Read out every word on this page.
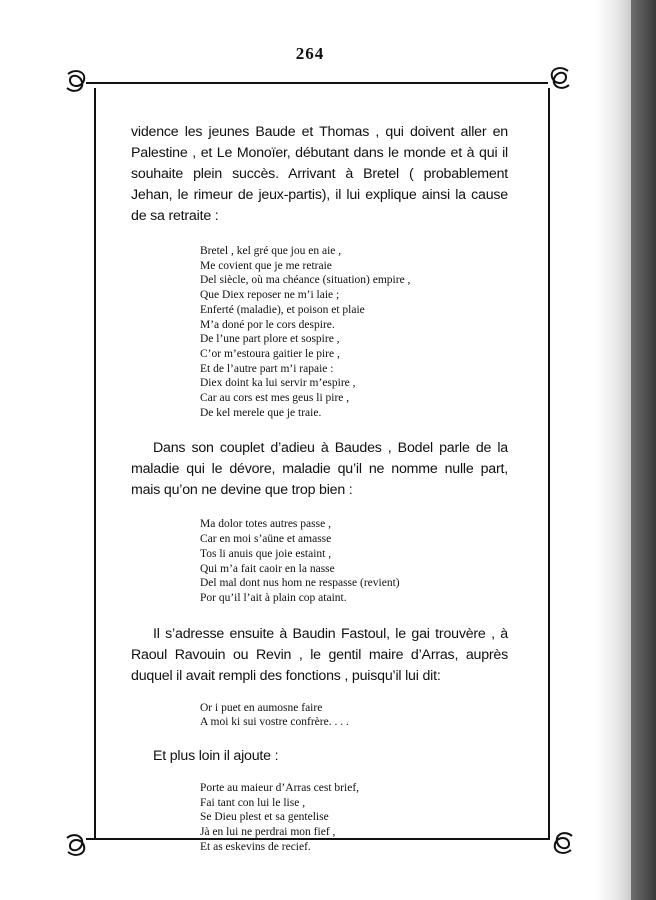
264

vidence les jeunes Baude et Thomas , qui doivent aller en Palestine , et Le Monoïer, débutant dans le monde et à qui il souhaite plein succès. Arrivant à Bretel ( probablement Jehan, le rimeur de jeux-partis), il lui explique ainsi la cause de sa retraite :

Bretel , kel gré que jou en aie ,
Me covient que je me retraie
Del siècle, où ma chéance (situation) empire ,
Que Diex reposer ne m’i laie ;
Enferté (maladie), et poison et plaie
M’a doné por le cors despire.
De l’une part plore et sospire ,
C’or m’estoura gaitier le pire ,
Et de l’autre part m’i rapaie :
Diex doint ka lui servir m’espire ,
Car au cors est mes geus li pire ,
De kel merele que je traie.

Dans son couplet d’adieu à Baudes , Bodel parle de la maladie qui le dévore, maladie qu’il ne nomme nulle part, mais qu’on ne devine que trop bien :

Ma dolor totes autres passe ,
Car en moi s’aüne et amasse
Tos li anuis que joie estaint ,
Qui m’a fait caoir en la nasse
Del mal dont nus hom ne respasse (revient)
Por qu’il l’ait à plain cop ataint.

Il s’adresse ensuite à Baudin Fastoul, le gai trouvère , à Raoul Ravouin ou Revin , le gentil maire d’Arras, auprès duquel il avait rempli des fonctions , puisqu’il lui dit:

Or i puet en aumosne faire
A moi ki sui vostre confrère. . . .

Et plus loin il ajoute :

Porte au maieur d’Arras cest brief,
Fai tant con lui le lise ,
Se Dieu plest et sa gentelise
Jà en lui ne perdrai mon fief ,
Et as eskevins de recief.
